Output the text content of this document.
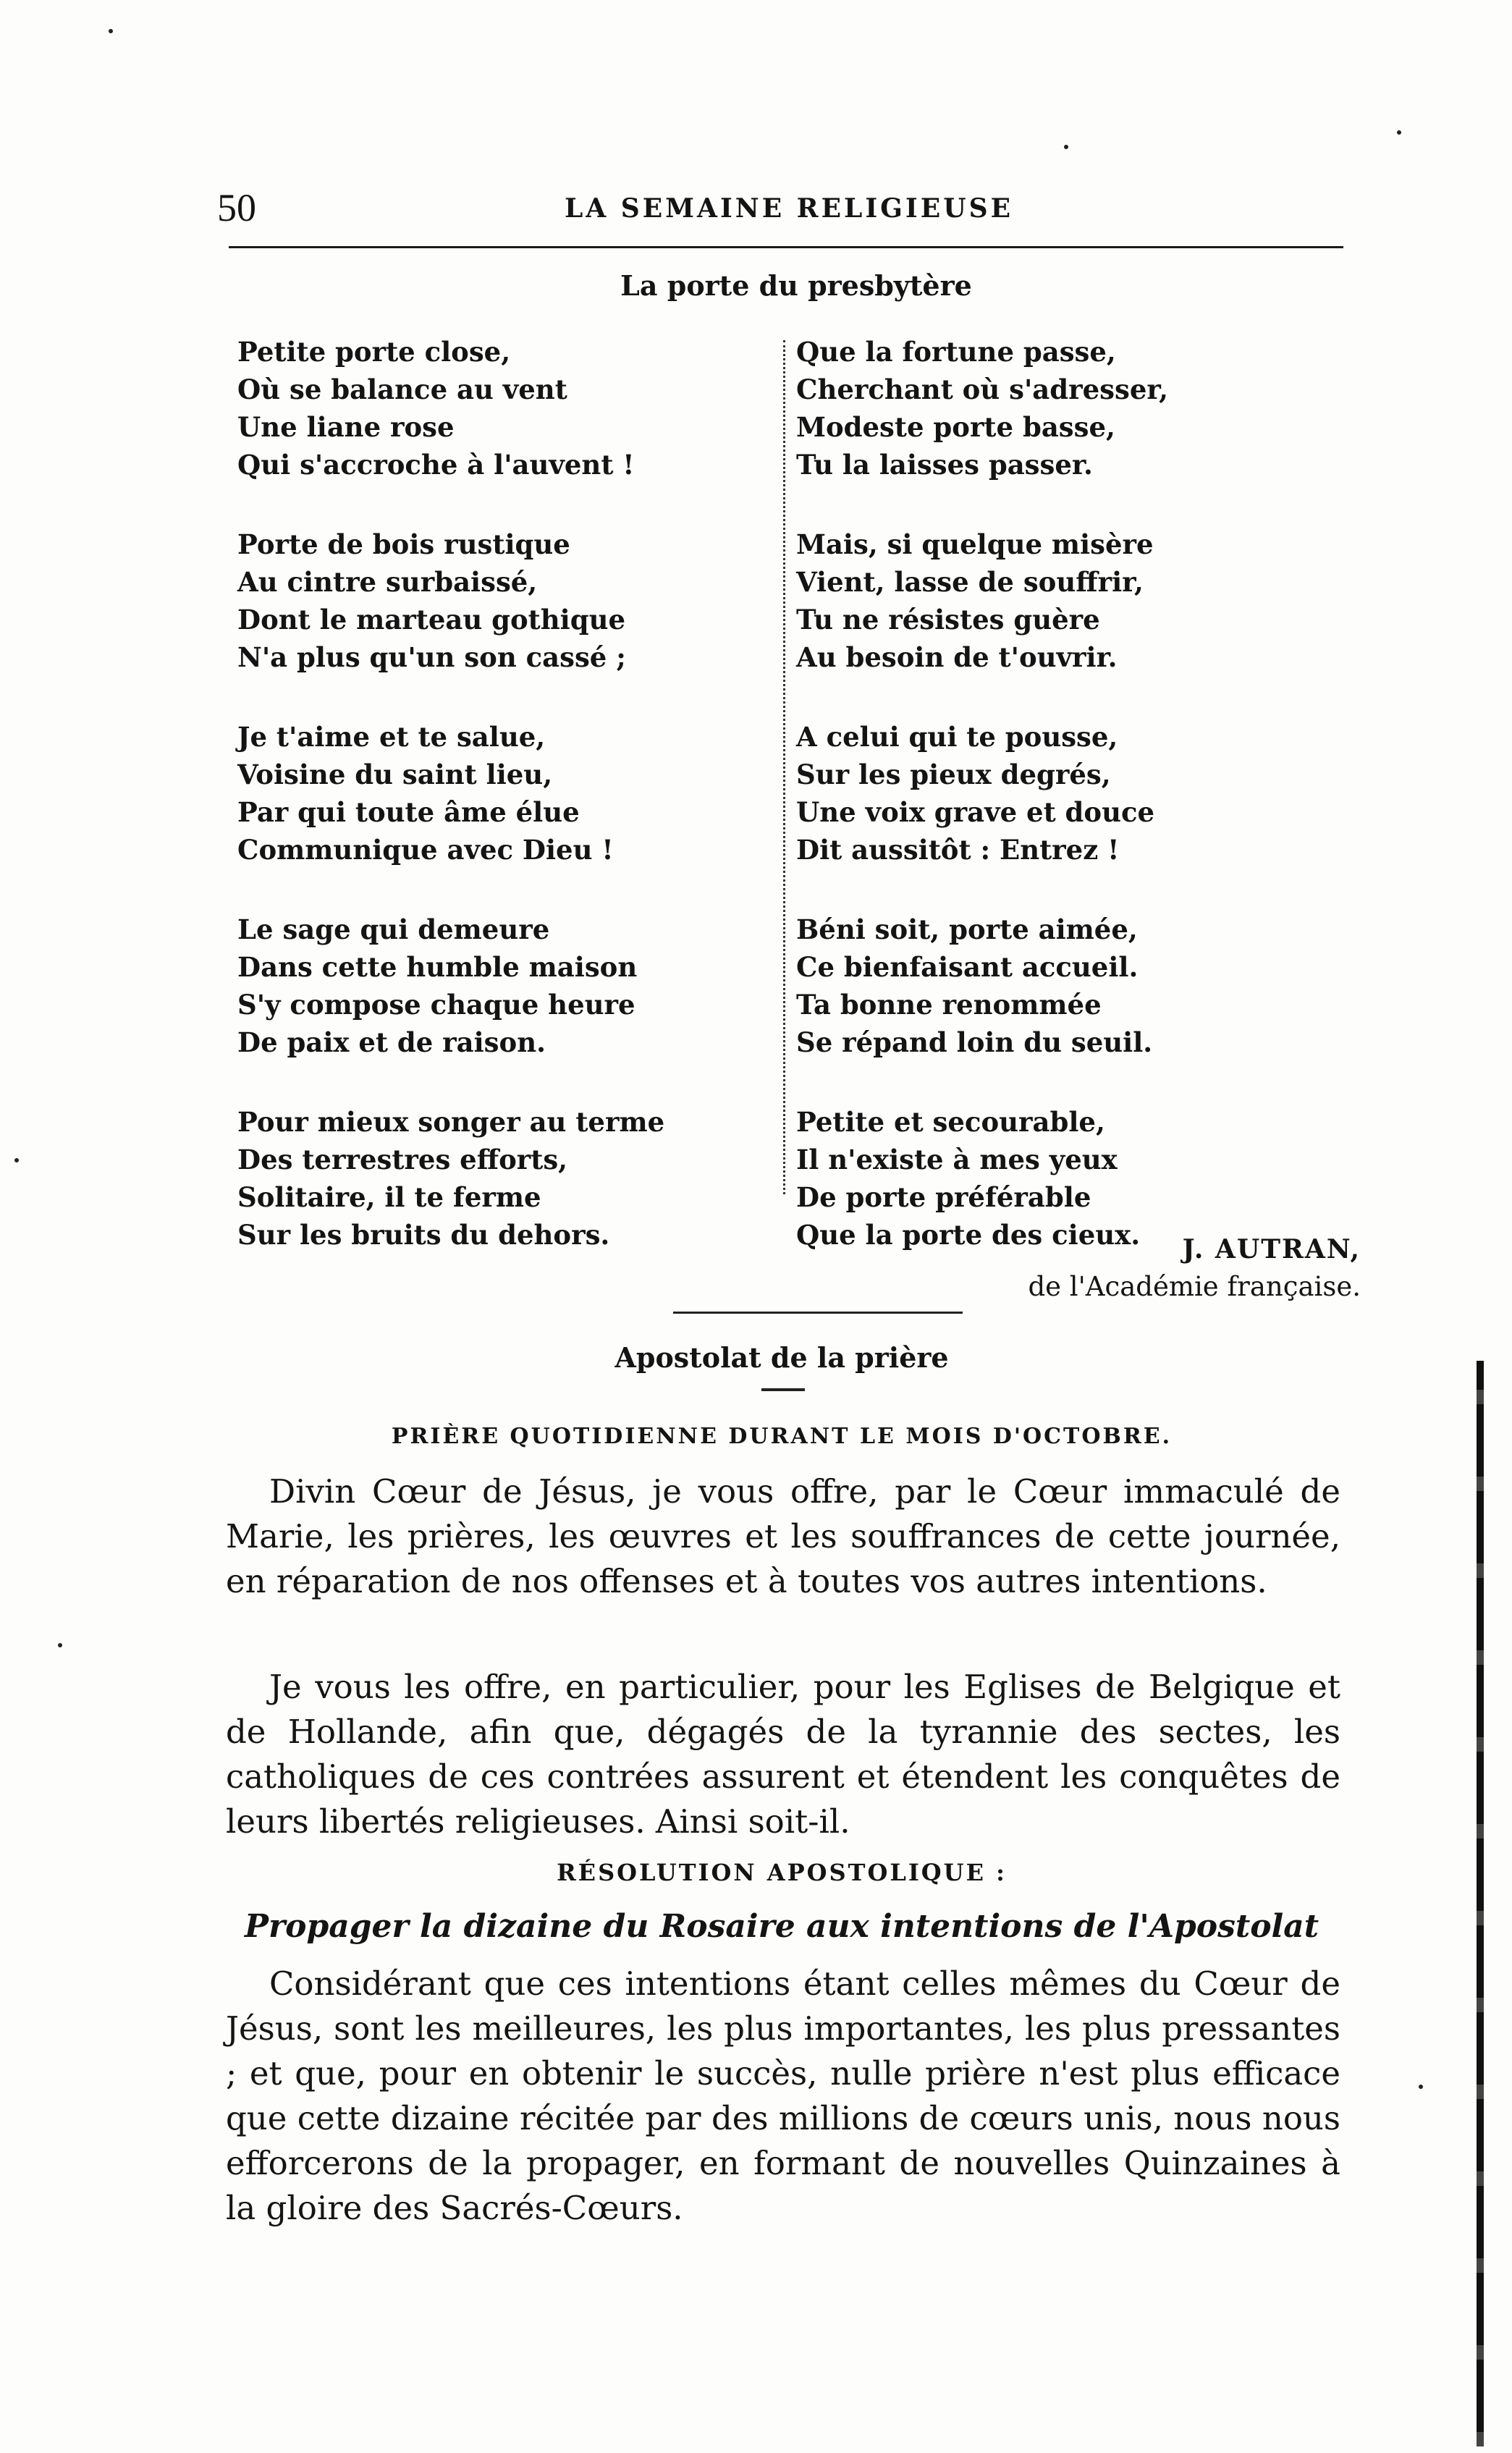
50	LA SEMAINE RELIGIEUSE
La porte du presbytère
Petite porte close,
Où se balance au vent
Une liane rose
Qui s'accroche à l'auvent !
Porte de bois rustique
Au cintre surbaissé,
Dont le marteau gothique
N'a plus qu'un son cassé ;
Je t'aime et te salue,
Voisine du saint lieu,
Par qui toute âme élue
Communique avec Dieu !
Le sage qui demeure
Dans cette humble maison
S'y compose chaque heure
De paix et de raison.
Pour mieux songer au terme
Des terrestres efforts,
Solitaire, il te ferme
Sur les bruits du dehors.
Que la fortune passe,
Cherchant où s'adresser,
Modeste porte basse,
Tu la laisses passer.
Mais, si quelque misère
Vient, lasse de souffrir,
Tu ne résistes guère
Au besoin de t'ouvrir.
A celui qui te pousse,
Sur les pieux degrés,
Une voix grave et douce
Dit aussitôt : Entrez !
Béni soit, porte aimée,
Ce bienfaisant accueil.
Ta bonne renommée
Se répand loin du seuil.
Petite et secourable,
Il n'existe à mes yeux
De porte préférable
Que la porte des cieux.	J. AUTRAN,
de l'Académie française.
Apostolat de la prière
PRIÈRE QUOTIDIENNE DURANT LE MOIS D'OCTOBRE.

Divin Cœur de Jésus, je vous offre, par le Cœur immaculé de Marie, les prières, les œuvres et les souffrances de cette journée, en réparation de nos offenses et à toutes vos autres intentions.

Je vous les offre, en particulier, pour les Eglises de Belgique et de Hollande, afin que, dégagés de la tyrannie des sectes, les catholiques de ces contrées assurent et étendent les conquêtes de leurs libertés religieuses. Ainsi soit-il.

RÉSOLUTION APOSTOLIQUE :
Propager la dizaine du Rosaire aux intentions de l'Apostolat

Considérant que ces intentions étant celles mêmes du Cœur de Jésus, sont les meilleures, les plus importantes, les plus pressantes ; et que, pour en obtenir le succès, nulle prière n'est plus efficace que cette dizaine récitée par des millions de cœurs unis, nous nous efforcerons de la propager, en formant de nouvelles Quinzaines à la gloire des Sacrés-Cœurs.
